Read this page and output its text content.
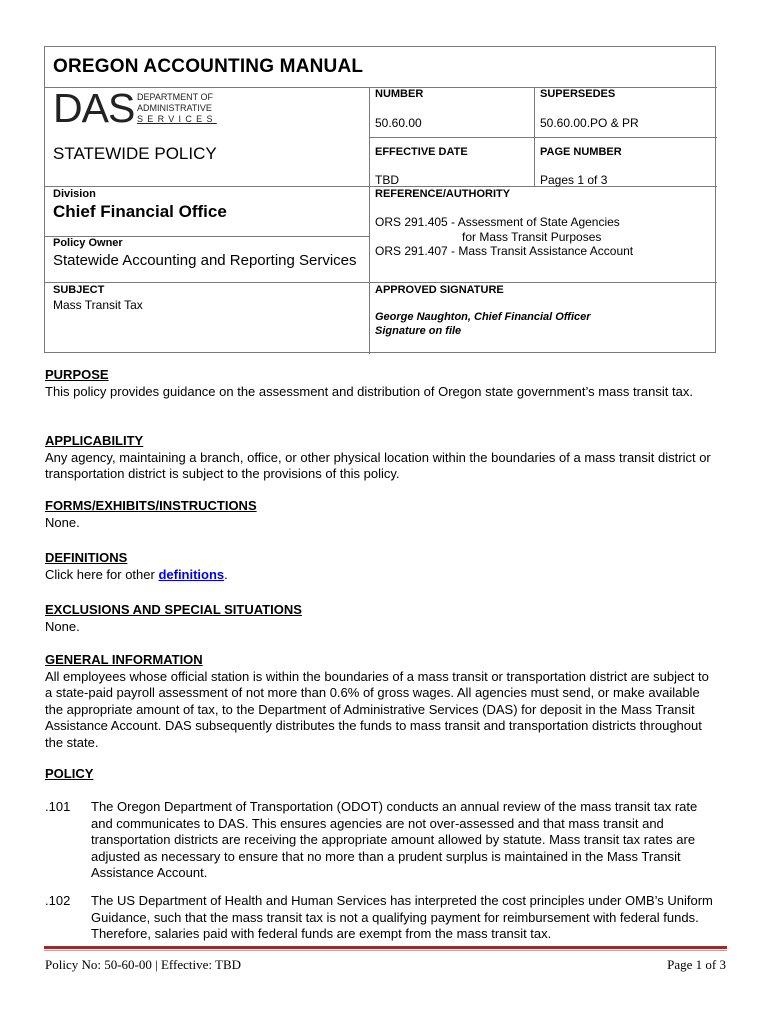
OREGON ACCOUNTING MANUAL
DAS DEPARTMENT OF
ADMINISTRATIVE
SERVICES
STATEWIDE POLICY
NUMBER
50.60.00
SUPERSEDES
50.60.00.PO & PR
EFFECTIVE DATE
TBD
PAGE NUMBER
Pages 1 of 3
Division
Chief Financial Office
REFERENCE/AUTHORITY
ORS 291.405 - Assessment of State Agencies
for Mass Transit Purposes
ORS 291.407 - Mass Transit Assistance Account
Policy Owner
Statewide Accounting and Reporting Services
SUBJECT
Mass Transit Tax
APPROVED SIGNATURE
George Naughton, Chief Financial Officer
Signature on file
PURPOSE
This policy provides guidance on the assessment and distribution of Oregon state government’s mass transit tax.
APPLICABILITY
Any agency, maintaining a branch, office, or other physical location within the boundaries of a mass transit district or transportation district is subject to the provisions of this policy.
FORMS/EXHIBITS/INSTRUCTIONS
None.
DEFINITIONS
Click here for other definitions.
EXCLUSIONS AND SPECIAL SITUATIONS
None.
GENERAL INFORMATION
All employees whose official station is within the boundaries of a mass transit or transportation district are subject to a state-paid payroll assessment of not more than 0.6% of gross wages. All agencies must send, or make available the appropriate amount of tax, to the Department of Administrative Services (DAS) for deposit in the Mass Transit Assistance Account. DAS subsequently distributes the funds to mass transit and transportation districts throughout the state.
POLICY
.101 The Oregon Department of Transportation (ODOT) conducts an annual review of the mass transit tax rate and communicates to DAS. This ensures agencies are not over-assessed and that mass transit and transportation districts are receiving the appropriate amount allowed by statute. Mass transit tax rates are adjusted as necessary to ensure that no more than a prudent surplus is maintained in the Mass Transit Assistance Account.
.102 The US Department of Health and Human Services has interpreted the cost principles under OMB’s Uniform Guidance, such that the mass transit tax is not a qualifying payment for reimbursement with federal funds. Therefore, salaries paid with federal funds are exempt from the mass transit tax.
Policy No: 50-60-00 | Effective: TBD	Page 1 of 3
